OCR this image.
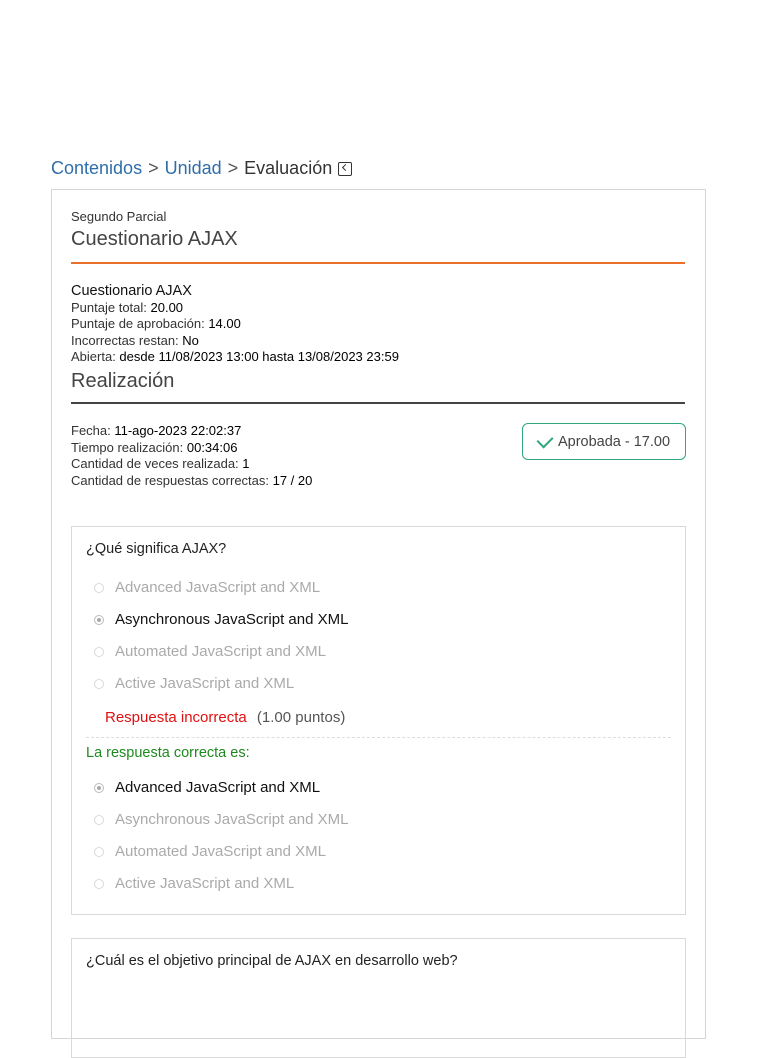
Contenidos > Unidad > Evaluación
Segundo Parcial
Cuestionario AJAX
Cuestionario AJAX
Puntaje total: 20.00
Puntaje de aprobación: 14.00
Incorrectas restan: No
Abierta: desde 11/08/2023 13:00 hasta 13/08/2023 23:59
Realización
Fecha: 11-ago-2023 22:02:37
Tiempo realización: 00:34:06
Cantidad de veces realizada: 1
Cantidad de respuestas correctas: 17 / 20
Aprobada - 17.00
¿Qué significa AJAX?
Advanced JavaScript and XML
Asynchronous JavaScript and XML
Automated JavaScript and XML
Active JavaScript and XML
Respuesta incorrecta (1.00 puntos)
La respuesta correcta es:
Advanced JavaScript and XML
Asynchronous JavaScript and XML
Automated JavaScript and XML
Active JavaScript and XML
¿Cuál es el objetivo principal de AJAX en desarrollo web?
